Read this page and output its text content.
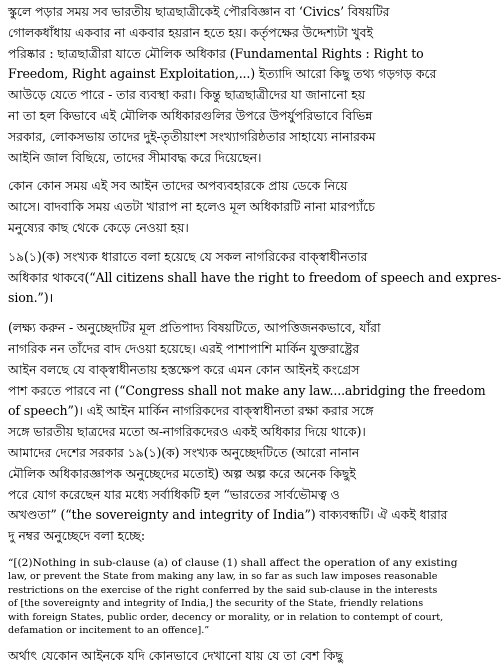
স্কুলে পড়ার সময় সব ভারতীয় ছাত্রছাত্রীকেই পৌরবিজ্ঞান বা ‘Civics’ বিষয়টির
গোলকধাঁধায় একবার না একবার হয়রান হতে হয়। কর্তৃপক্ষের উদ্দেশ্যটা খুবই
পরিষ্কার : ছাত্রছাত্রীরা যাতে মৌলিক অধিকার (Fundamental Rights : Right to
Freedom, Right against Exploitation,...) ইত্যাদি আরো কিছু তথ্য গড়গড় করে
আউড়ে যেতে পারে - তার ব্যবস্থা করা। কিন্তু ছাত্রছাত্রীদের যা জানানো হয়
না তা হল কিভাবে এই মৌলিক অধিকারগুলির উপরে উপর্যুপরিভাবে বিভিন্ন
সরকার, লোকসভায় তাদের দুই-তৃতীয়াংশ সংখ্যাগরিষ্ঠতার সাহায্যে নানারকম
আইনি জাল বিছিয়ে, তাদের সীমাবদ্ধ করে দিয়েছেন।
কোন কোন সময় এই সব আইন তাদের অপব্যবহারকে প্রায় ডেকে নিয়ে
আসে। বাদবাকি সময় এতটা খারাপ না হলেও মূল অধিকারটি নানা মারপ্যাঁচে
মনুষ্যের কাছ থেকে কেড়ে নেওয়া হয়।
১৯(১)(ক) সংখ্যক ধারাতে বলা হয়েছে যে সকল নাগরিকের বাক্‌স্বাধীনতার
অধিকার থাকবে(“All citizens shall have the right to freedom of speech and expres-
sion.”)।
(লক্ষ্য করুন - অনুচ্ছেদটির মূল প্রতিপাদ্য বিষয়টিতে, আপত্তিজনকভাবে, যাঁরা
নাগরিক নন তাঁদের বাদ দেওয়া হয়েছে। এরই পাশাপাশি মার্কিন যুক্তরাষ্ট্রের
আইন বলছে যে বাক্‌স্বাধীনতায় হস্তক্ষেপ করে এমন কোন আইনই কংগ্রেস
পাশ করতে পারবে না (“Congress shall not make any law....abridging the freedom
of speech”)। এই আইন মার্কিন নাগরিকদের বাক্‌স্বাধীনতা রক্ষা করার সঙ্গে
সঙ্গে ভারতীয় ছাত্রদের মতো অ-নাগরিকদেরও একই অধিকার দিয়ে থাকে)।
আমাদের দেশের সরকার ১৯(১)(ক) সংখ্যক অনুচ্ছেদটিতে (আরো নানান
মৌলিক অধিকারজ্ঞাপক অনুচ্ছেদের মতোই) অল্প অল্প করে অনেক কিছুই
পরে যোগ করেছেন যার মধ্যে সর্বাধিকটি হল “ভারতের সার্বভৌমত্ব ও
অখণ্ডতা” (“the sovereignty and integrity of India”) বাক্যবন্ধটি। ঐ একই ধারার
দু নম্বর অনুচ্ছেদে বলা হচ্ছে:
“[(2)Nothing in sub-clause (a) of clause (1) shall affect the operation of any existing
law, or prevent the State from making any law, in so far as such law imposes reasonable
restrictions on the exercise of the right conferred by the said sub-clause in the interests
of [the sovereignty and integrity of India,] the security of the State, friendly relations
with foreign States, public order, decency or morality, or in relation to contempt of court,
defamation or incitement to an offence].”
অর্থাৎ যেকোন আইনকে যদি কোনভাবে দেখানো যায় যে তা বেশ কিছু
